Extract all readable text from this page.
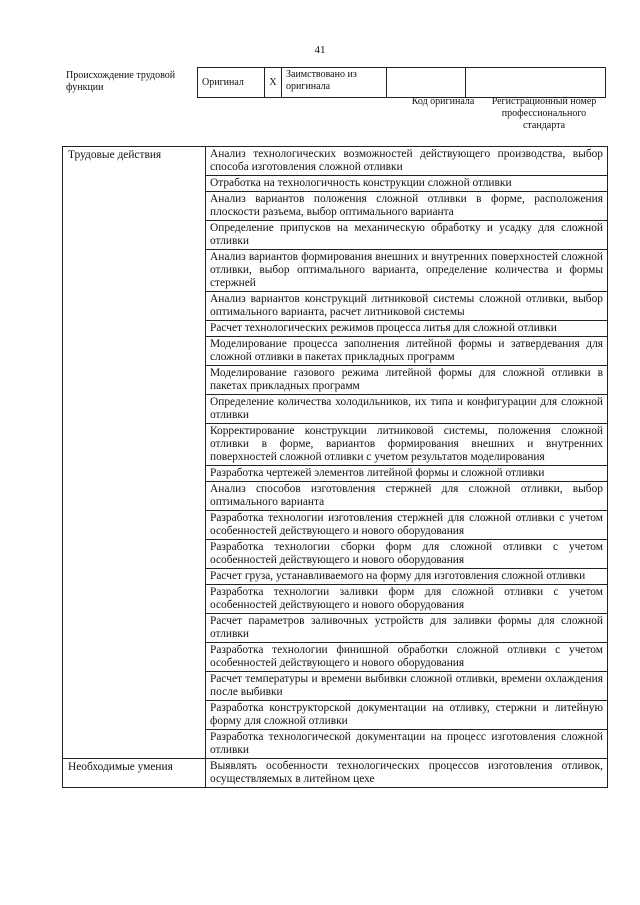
41
Происхождение трудовой функции	Оригинал	X	Заимствовано из оригинала		
Код оригинала	Регистрационный номер профессионального стандарта
Трудовые действия	Анализ технологических возможностей действующего производства, выбор способа изготовления сложной отливки
	Отработка на технологичность конструкции сложной отливки
	Анализ вариантов положения сложной отливки в форме, расположения плоскости разъема, выбор оптимального варианта
	Определение припусков на механическую обработку и усадку для сложной отливки
	Анализ вариантов формирования внешних и внутренних поверхностей сложной отливки, выбор оптимального варианта, определение количества и формы стержней
	Анализ вариантов конструкций литниковой системы сложной отливки, выбор оптимального варианта, расчет литниковой системы
	Расчет технологических режимов процесса литья для сложной отливки
	Моделирование процесса заполнения литейной формы и затвердевания для сложной отливки в пакетах прикладных программ
	Моделирование газового режима литейной формы для сложной отливки в пакетах прикладных программ
	Определение количества холодильников, их типа и конфигурации для сложной отливки
	Корректирование конструкции литниковой системы, положения сложной отливки в форме, вариантов формирования внешних и внутренних поверхностей сложной отливки с учетом результатов моделирования
	Разработка чертежей элементов литейной формы и сложной отливки
	Анализ способов изготовления стержней для сложной отливки, выбор оптимального варианта
	Разработка технологии изготовления стержней для сложной отливки с учетом особенностей действующего и нового оборудования
	Разработка технологии сборки форм для сложной отливки с учетом особенностей действующего и нового оборудования
	Расчет груза, устанавливаемого на форму для изготовления сложной отливки
	Разработка технологии заливки форм для сложной отливки с учетом особенностей действующего и нового оборудования
	Расчет параметров заливочных устройств для заливки формы для сложной отливки
	Разработка технологии финишной обработки сложной отливки с учетом особенностей действующего и нового оборудования
	Расчет температуры и времени выбивки сложной отливки, времени охлаждения после выбивки
	Разработка конструкторской документации на отливку, стержни и литейную форму для сложной отливки
	Разработка технологической документации на процесс изготовления сложной отливки
Необходимые умения	Выявлять особенности технологических процессов изготовления отливок, осуществляемых в литейном цехе
